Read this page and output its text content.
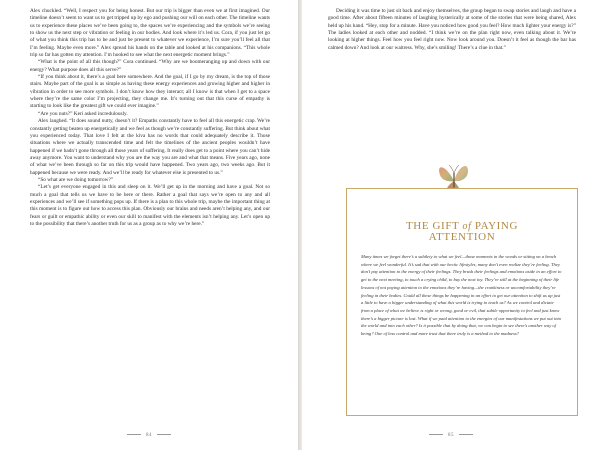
Alex chuckled. “Well, I respect you for being honest. But our trip is bigger than even we at first imagined. Our timeline doesn’t seem to want us to get tripped up by ego and pushing our will on each other. The timeline wants us to experience these places we’ve been going to, the spaces we’re experiencing and the symbols we’re seeing to show us the next step or vibration or feeling in our bodies. And look where it’s led us. Cora, if you just let go of what you think this trip has to be and just be present to whatever we experience, I’m sure you’ll feel all that I’m feeling. Maybe even more.” Alex spread his hands on the table and looked at his companions. “This whole trip so far has gotten my attention. I’m hooked to see what the next energetic moment brings.”

“What is the point of all this though?” Cora continued. “Why are we boomeranging up and down with our energy? What purpose does all this serve?”

“If you think about it, there’s a goal here somewhere. And the goal, if I go by my dream, is the top of those stairs. Maybe part of the goal is as simple as having these energy experiences and growing higher and higher in vibration in order to see more symbols. I don’t know how they interact; all I know is that when I get to a space where they’re the same color I’m projecting, they change me. It’s turning out that this curse of empathy is starting to look like the greatest gift we could ever imagine.”

“Are you nuts?” Keri asked incredulously.

Alex laughed. “It does sound nutty, doesn’t it? Empaths constantly have to feel all this energetic crap. We’re constantly getting beaten up energetically and we feel as though we’re constantly suffering. But think about what you experienced today. That love I felt at the kiva has no words that could adequately describe it. Those situations where we actually transcended time and felt the timelines of the ancient peoples wouldn’t have happened if we hadn’t gone through all those years of suffering. It really does get to a point where you can’t hide away anymore. You want to understand why you are the way you are and what that means. Five years ago, none of what we’ve been through so far on this trip would have happened. Two years ago, two weeks ago. But it happened because we were ready. And we’ll be ready for whatever else is presented to us.”

“So what are we doing tomorrow?”

“Let’s get everyone engaged in this and sleep on it. We’ll get up in the morning and have a goal. Not so much a goal that tells us we have to be here or there. Rather a goal that says we’re open to any and all experiences and we’ll see if something pops up. If there is a plan to this whole trip, maybe the important thing at this moment is to figure out how to access this plan. Obviously our brains and needs aren’t helping any, and our fears or guilt or empathic ability or even our skill to manifest with the elements isn’t helping any. Let’s open up to the possibility that there’s another truth for us as a group as to why we’re here.”

84

Deciding it was time to just sit back and enjoy themselves, the group began to swap stories and laugh and have a good time. After about fifteen minutes of laughing hysterically at some of the stories that were being shared, Alex held up his hand. “Hey, stop for a minute. Have you noticed how good you feel? How much lighter your energy is?” The ladies looked at each other and nodded. “I think we’re on the plan right now, even talking about it. We’re looking at higher things. Feel how you feel right now. Now look around you. Doesn’t it feel as though the bar has calmed down? And look at our waitress. Why, she’s smiling! There’s a clue in that.”

THE GIFT of PAYING
ATTENTION
Many times we forget there’s a subtlety to what we feel—those moments in the woods or sitting on a beach where we feel wonderful. It’s sad that with our hectic lifestyles, many don’t even realize they’re feeling. They don’t pay attention to the energy of their feelings. They brush their feelings and emotions aside in an effort to get to the next meeting, to touch a crying child, to buy the next toy. They’re still at the beginning of their life lessons of not paying attention to the emotions they’re having—the crankiness or uncomfortability they’re feeling in their bodies. Could all these things be happening in an effort to get our attention to shift us up just a little to have a bigger understanding of what this world is trying to teach us? As we control and dictate from a place of what we believe is right or wrong, good or evil, that subtle opportunity to feel and just know there’s a bigger picture is lost. What if we paid attention to the energies of our manifestations we put out into the world and into each other? Is it possible that by doing that, we can begin to see there’s another way of being? One of less control and more trust that there truly is a method to the madness?
85
